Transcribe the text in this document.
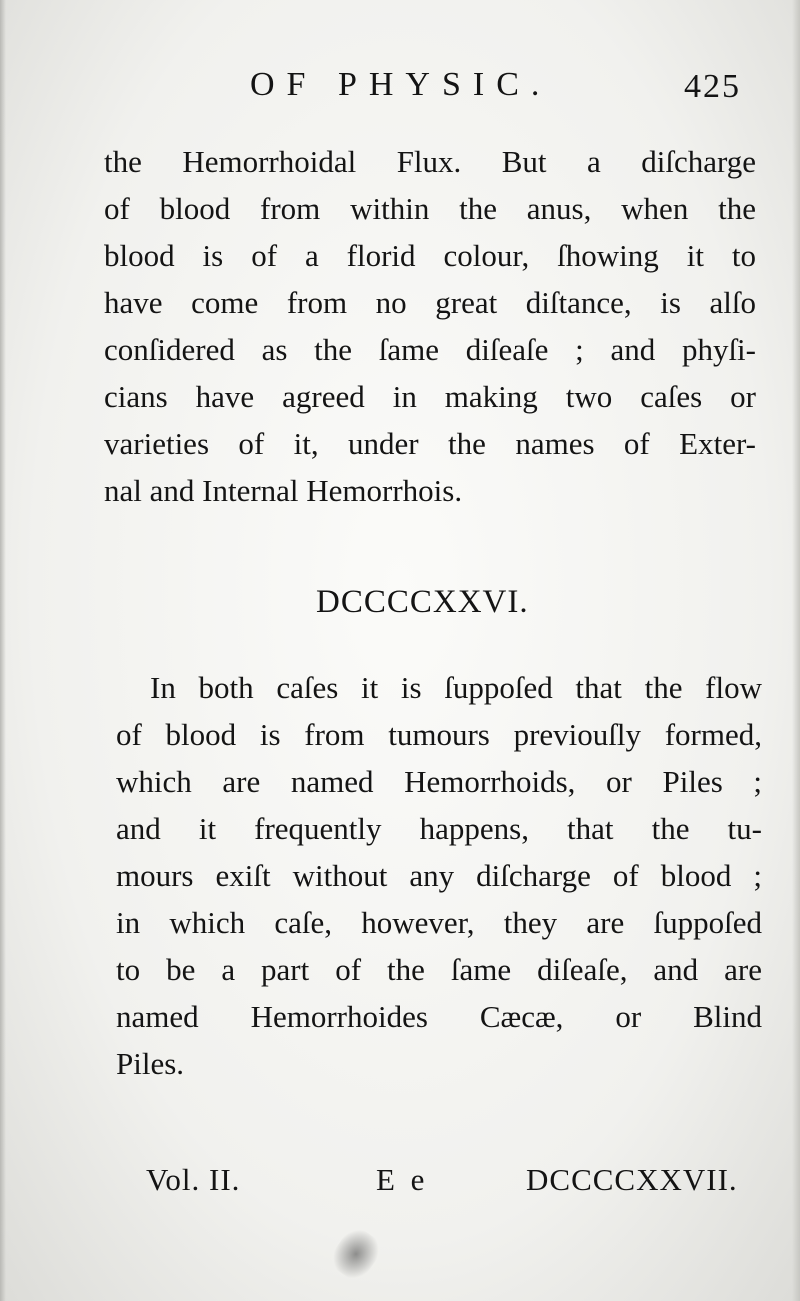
OF PHYSIC.	425
the Hemorrhoidal Flux. But a diſcharge
of blood from within the anus, when the
blood is of a florid colour, ſhowing it to
have come from no great diſtance, is alſo
conſidered as the ſame diſeaſe ; and phyſi-
cians have agreed in making two caſes or
varieties of it, under the names of Exter-
nal and Internal Hemorrhois.
DCCCCXXVI.
In both caſes it is ſuppoſed that the flow
of blood is from tumours previouſly formed,
which are named Hemorrhoids, or Piles ;
and it frequently happens, that the tu-
mours exiſt without any diſcharge of blood ;
in which caſe, however, they are ſuppoſed
to be a part of the ſame diſeaſe, and are
named Hemorrhoides Cæcæ, or Blind
Piles.
Vol. II.	E e	DCCCCXXVII.
